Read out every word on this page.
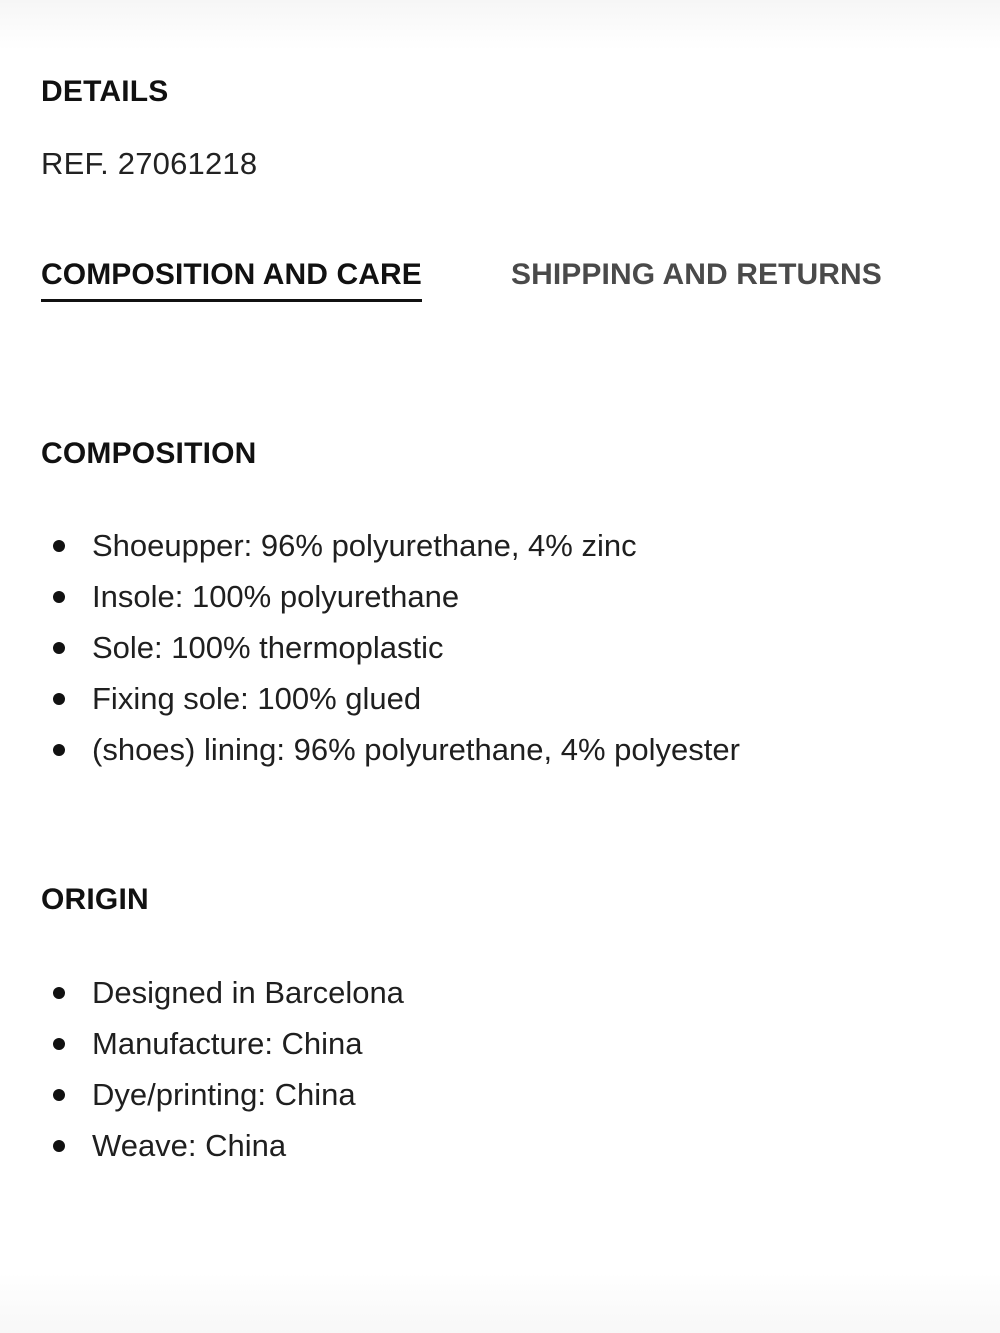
DETAILS
REF. 27061218
COMPOSITION AND CARE	SHIPPING AND RETURNS
COMPOSITION
Shoeupper: 96% polyurethane, 4% zinc
Insole: 100% polyurethane
Sole: 100% thermoplastic
Fixing sole: 100% glued
(shoes) lining: 96% polyurethane, 4% polyester
ORIGIN
Designed in Barcelona
Manufacture: China
Dye/printing: China
Weave: China
